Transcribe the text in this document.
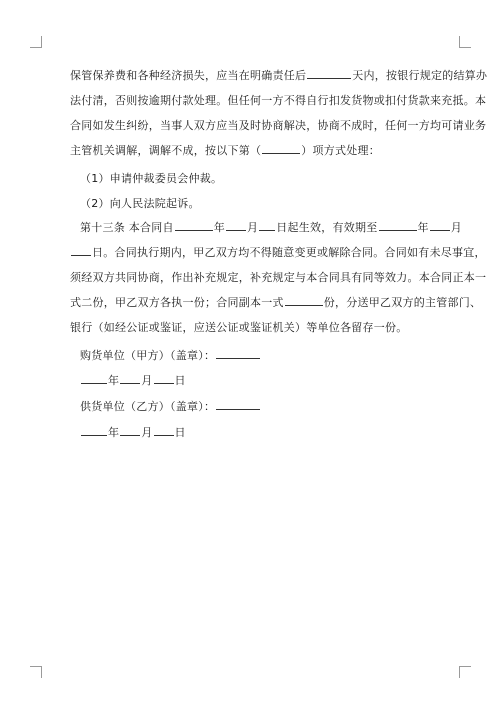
保管保养费和各种经济损失，应当在明确责任后	天内，按银行规定的结算办
法付清，否则按逾期付款处理。但任何一方不得自行扣发货物或扣付货款来充抵。本
合同如发生纠纷，当事人双方应当及时协商解决，协商不成时，任何一方均可请业务
主管机关调解，调解不成，按以下第（	）项方式处理：
（1）申请仲裁委员会仲裁。
（2）向人民法院起诉。
第十三条 本合同自	年 月 日起生效，有效期至	年 月
日。合同执行期内，甲乙双方均不得随意变更或解除合同。合同如有未尽事宜，
须经双方共同协商，作出补充规定，补充规定与本合同具有同等效力。本合同正本一
式二份，甲乙双方各执一份；合同副本一式	份，分送甲乙双方的主管部门、
银行（如经公证或鉴证，应送公证或鉴证机关）等单位各留存一份。
购货单位（甲方）（盖章）：
年 月 日
供货单位（乙方）（盖章）：
年 月 日
